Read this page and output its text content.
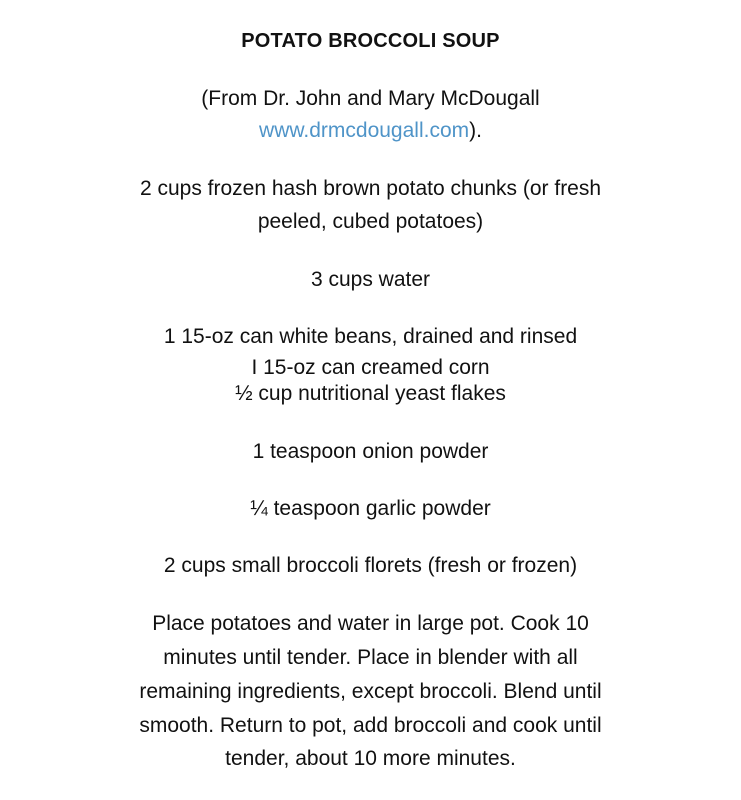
POTATO BROCCOLI SOUP
(From Dr. John and Mary McDougall
www.drmcdougall.com).
2 cups frozen hash brown potato chunks (or fresh
peeled, cubed potatoes)
3 cups water
1 15-oz can white beans, drained and rinsed
I 15-oz can creamed corn
½ cup nutritional yeast flakes
1 teaspoon onion powder
¼ teaspoon garlic powder
2 cups small broccoli florets (fresh or frozen)
Place potatoes and water in large pot. Cook 10
minutes until tender. Place in blender with all
remaining ingredients, except broccoli. Blend until
smooth. Return to pot, add broccoli and cook until
tender, about 10 more minutes.
